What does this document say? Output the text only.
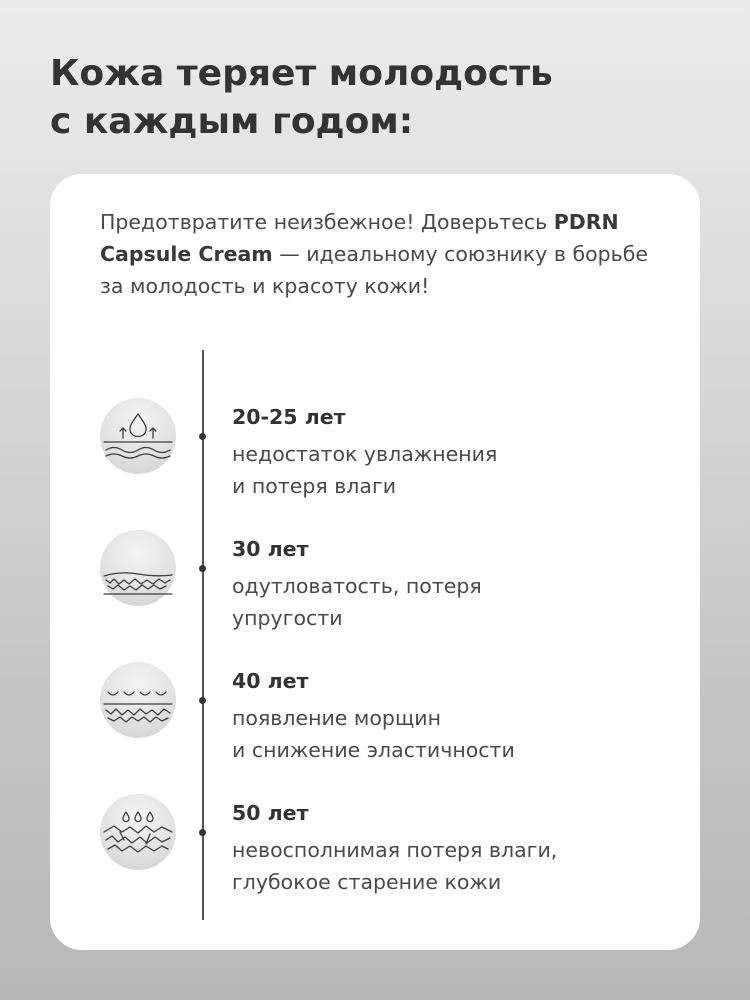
Кожа теряет молодость
с каждым годом:

Предотвратите неизбежное! Доверьтесь PDRN Capsule Cream — идеальному союзнику в борьбе за молодость и красоту кожи!

20-25 лет
недостаток увлажнения
и потеря влаги
30 лет
одутловатость, потеря
упругости
40 лет
появление морщин
и снижение эластичности
50 лет
невосполнимая потеря влаги,
глубокое старение кожи
